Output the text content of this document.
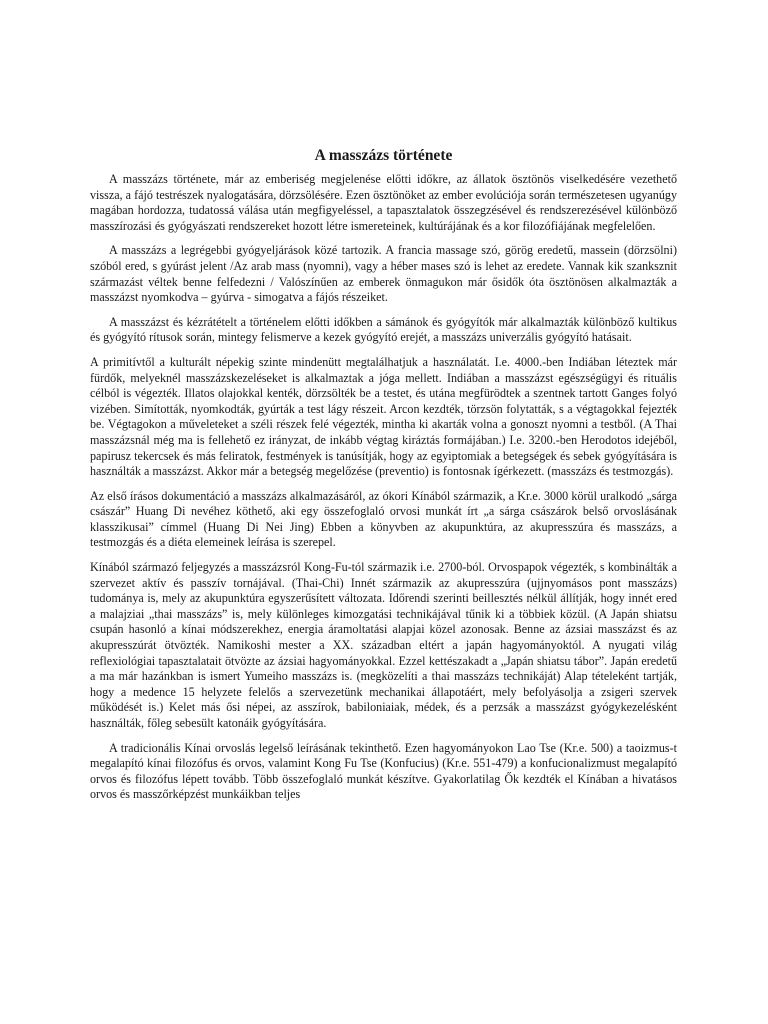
A masszázs története

A masszázs története, már az emberiség megjelenése előtti időkre, az állatok ösztönös viselkedésére vezethető vissza, a fájó testrészek nyalogatására, dörzsölésére. Ezen ösztönöket az ember evolúciója során természetesen ugyanúgy magában hordozza, tudatossá válása után megfigyeléssel, a tapasztalatok összegzésével és rendszerezésével különböző masszírozási és gyógyászati rendszereket hozott létre ismereteinek, kultúrájának és a kor filozófiájának megfelelően.

A masszázs a legrégebbi gyógyeljárások közé tartozik. A francia massage szó, görög eredetű, massein (dörzsölni) szóból ered, s gyúrást jelent /Az arab mass (nyomni), vagy a héber mases szó is lehet az eredete. Vannak kik szanksznit származást véltek benne felfedezni / Valószínűen az emberek önmagukon már ősidők óta ösztönösen alkalmazták a masszázst nyomkodva – gyúrva - simogatva a fájós részeiket.

A masszázst és kézrátételt a történelem előtti időkben a sámánok és gyógyítók már alkalmazták különböző kultikus és gyógyító rítusok során, mintegy felismerve a kezek gyógyító erejét, a masszázs univerzális gyógyító hatásait.

A primitívtől a kulturált népekig szinte mindenütt megtalálhatjuk a használatát. I.e. 4000.-ben Indiában léteztek már fürdők, melyeknél masszázskezeléseket is alkalmaztak a jóga mellett. Indiában a masszázst egészségügyi és rituális célból is végezték. Illatos olajokkal kenték, dörzsölték be a testet, és utána megfürödtek a szentnek tartott Ganges folyó vizében. Simították, nyomkodták, gyúrták a test lágy részeit. Arcon kezdték, törzsön folytatták, s a végtagokkal fejezték be. Végtagokon a műveleteket a széli részek felé végezték, mintha ki akarták volna a gonoszt nyomni a testből. (A Thai masszázsnál még ma is fellehető ez irányzat, de inkább végtag kiráztás formájában.) I.e. 3200.-ben Herodotos idejéből, papirusz tekercsek és más feliratok, festmények is tanúsítják, hogy az egyiptomiak a betegségek és sebek gyógyítására is használták a masszázst. Akkor már a betegség megelőzése (preventio) is fontosnak ígérkezett. (masszázs és testmozgás).

Az első írásos dokumentáció a masszázs alkalmazásáról, az ókori Kínából származik, a Kr.e. 3000 körül uralkodó „sárga császár” Huang Di nevéhez köthető, aki egy összefoglaló orvosi munkát írt „a sárga császárok belső orvoslásának klasszikusai” címmel (Huang Di Nei Jing) Ebben a könyvben az akupunktúra, az akupresszúra és masszázs, a testmozgás és a diéta elemeinek leírása is szerepel.

Kínából származó feljegyzés a masszázsról Kong-Fu-tól származik i.e. 2700-ból. Orvospapok végezték, s kombinálták a szervezet aktív és passzív tornájával. (Thai-Chi) Innét származik az akupresszúra (ujjnyomásos pont masszázs) tudománya is, mely az akupunktúra egyszerűsített változata. Időrendi szerinti beillesztés nélkül állítják, hogy innét ered a malajziai „thai masszázs” is, mely különleges kimozgatási technikájával tűnik ki a többiek közül. (A Japán shiatsu csupán hasonló a kínai módszerekhez, energia áramoltatási alapjai közel azonosak. Benne az ázsiai masszázst és az akupresszúrát ötvözték. Namikoshi mester a XX. században eltért a japán hagyományoktól. A nyugati világ reflexiológiai tapasztalatait ötvözte az ázsiai hagyományokkal. Ezzel kettészakadt a „Japán shiatsu tábor”. Japán eredetű a ma már hazánkban is ismert Yumeiho masszázs is. (megközelíti a thai masszázs technikáját) Alap tételeként tartják, hogy a medence 15 helyzete felelős a szervezetünk mechanikai állapotáért, mely befolyásolja a zsigeri szervek működését is.) Kelet más ősi népei, az asszírok, babiloniaiak, médek, és a perzsák a masszázst gyógykezelésként használták, főleg sebesült katonáik gyógyítására.

A tradicionális Kínai orvoslás legelső leírásának tekinthető. Ezen hagyományokon Lao Tse (Kr.e. 500) a taoizmus-t megalapító kínai filozófus és orvos, valamint Kong Fu Tse (Konfucius) (Kr.e. 551-479) a konfucionalizmust megalapító orvos és filozófus lépett tovább. Több összefoglaló munkát készítve. Gyakorlatilag Ők kezdték el Kínában a hivatásos orvos és masszőrképzést munkáikban teljes
